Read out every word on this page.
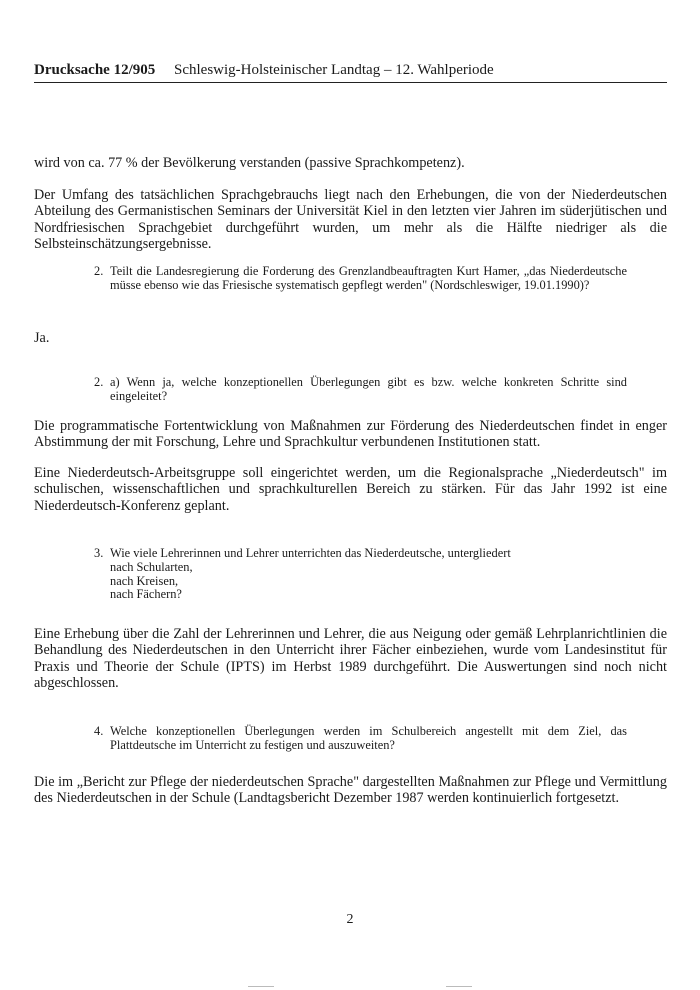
Drucksache 12/905 Schleswig-Holsteinischer Landtag – 12. Wahlperiode

wird von ca. 77 % der Bevölkerung verstanden (passive Sprachkompetenz).

Der Umfang des tatsächlichen Sprachgebrauchs liegt nach den Erhebungen, die von der Niederdeutschen Abteilung des Germanistischen Seminars der Universität Kiel in den letzten vier Jahren im süderjütischen und Nordfriesischen Sprachgebiet durchgeführt wurden, um mehr als die Hälfte niedriger als die Selbsteinschätzungsergebnisse.

2. Teilt die Landesregierung die Forderung des Grenzlandbeauftragten Kurt Hamer, „das Niederdeutsche müsse ebenso wie das Friesische systematisch gepflegt werden" (Nordschleswiger, 19.01.1990)?

Ja.

2. a) Wenn ja, welche konzeptionellen Überlegungen gibt es bzw. welche konkreten Schritte sind eingeleitet?

Die programmatische Fortentwicklung von Maßnahmen zur Förderung des Niederdeutschen findet in enger Abstimmung der mit Forschung, Lehre und Sprachkultur verbundenen Institutionen statt.

Eine Niederdeutsch-Arbeitsgruppe soll eingerichtet werden, um die Regionalsprache „Niederdeutsch" im schulischen, wissenschaftlichen und sprachkulturellen Bereich zu stärken. Für das Jahr 1992 ist eine Niederdeutsch-Konferenz geplant.

3. Wie viele Lehrerinnen und Lehrer unterrichten das Niederdeutsche, untergliedert
nach Schularten,
nach Kreisen,
nach Fächern?

Eine Erhebung über die Zahl der Lehrerinnen und Lehrer, die aus Neigung oder gemäß Lehrplanrichtlinien die Behandlung des Niederdeutschen in den Unterricht ihrer Fächer einbeziehen, wurde vom Landesinstitut für Praxis und Theorie der Schule (IPTS) im Herbst 1989 durchgeführt. Die Auswertungen sind noch nicht abgeschlossen.

4. Welche konzeptionellen Überlegungen werden im Schulbereich angestellt mit dem Ziel, das Plattdeutsche im Unterricht zu festigen und auszuweiten?

Die im „Bericht zur Pflege der niederdeutschen Sprache" dargestellten Maßnahmen zur Pflege und Vermittlung des Niederdeutschen in der Schule (Landtagsbericht Dezember 1987 werden kontinuierlich fortgesetzt.

2
